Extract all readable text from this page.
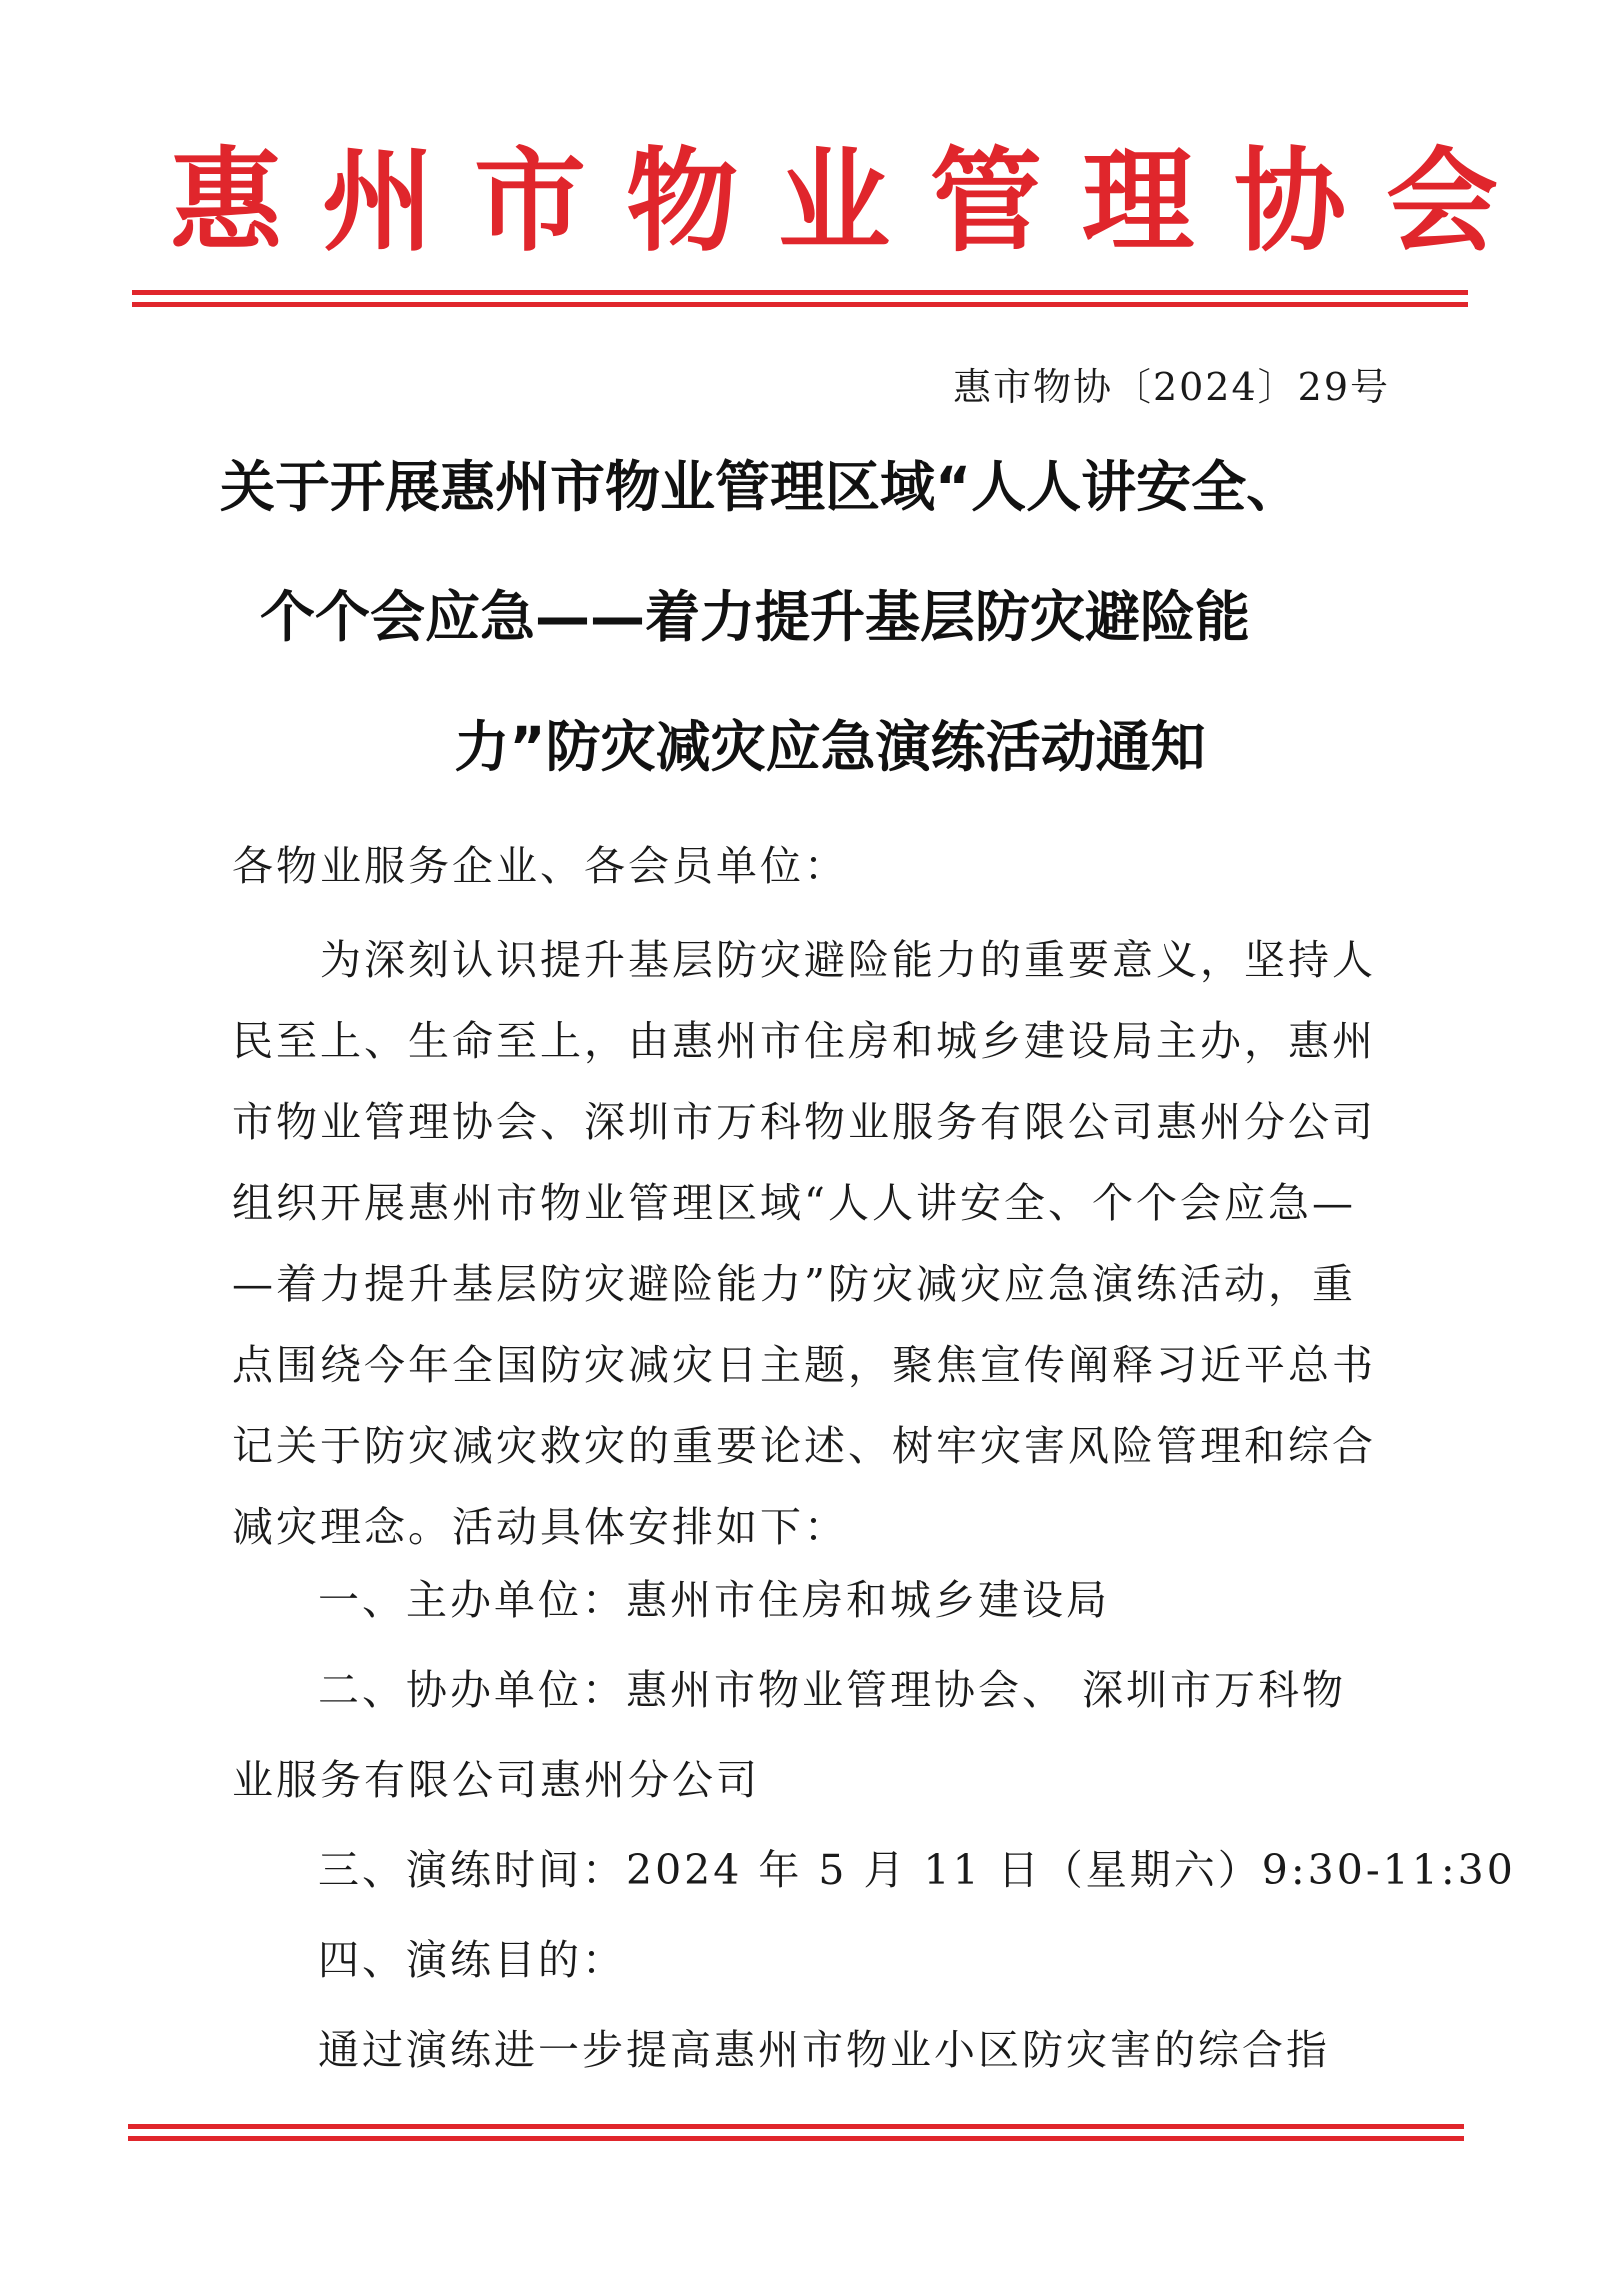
惠州市物业管理协会
惠市物协〔2024〕29号
关于开展惠州市物业管理区域“人人讲安全、
个个会应急——着力提升基层防灾避险能
力”防灾减灾应急演练活动通知
各物业服务企业、各会员单位：
为深刻认识提升基层防灾避险能力的重要意义，坚持人
民至上、生命至上，由惠州市住房和城乡建设局主办，惠州
市物业管理协会、深圳市万科物业服务有限公司惠州分公司
组织开展惠州市物业管理区域“人人讲安全、个个会应急—
—着力提升基层防灾避险能力”防灾减灾应急演练活动，重
点围绕今年全国防灾减灾日主题，聚焦宣传阐释习近平总书
记关于防灾减灾救灾的重要论述、树牢灾害风险管理和综合
减灾理念。活动具体安排如下：
一、主办单位：惠州市住房和城乡建设局
二、协办单位：惠州市物业管理协会、 深圳市万科物
业服务有限公司惠州分公司
三、演练时间：2024 年 5 月 11 日（星期六）9:30-11:30
四、演练目的：
通过演练进一步提高惠州市物业小区防灾害的综合指
